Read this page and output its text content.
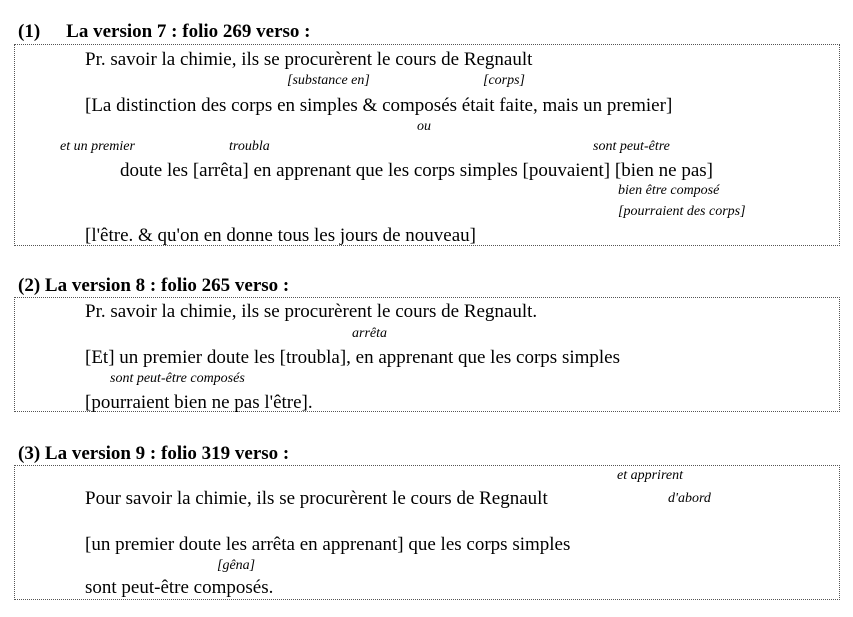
(1) La version 7 : folio 269 verso :
Pr. savoir la chimie, ils se procurèrent le cours de Regnault
[substance en]	[corps]
[La distinction des corps en simples & composés était faite, mais un premier]
ou
et un premier	troubla	sont peut-être
doute les [arrêta] en apprenant que les corps simples [pouvaient] [bien ne pas]
bien être composé
[pourraient des corps]
[l'être. & qu'on en donne tous les jours de nouveau]
(2) La version 8 : folio 265 verso :
Pr. savoir la chimie, ils se procurèrent le cours de Regnault.
arrêta
[Et] un premier doute les [troubla], en apprenant que les corps simples
sont peut-être composés
[pourraient bien ne pas l'être].
(3) La version 9 : folio 319 verso :
et apprirent
Pour savoir la chimie, ils se procurèrent le cours de Regnault	d'abord
[un premier doute les arrêta en apprenant] que les corps simples
[gêna]
sont peut-être composés.
